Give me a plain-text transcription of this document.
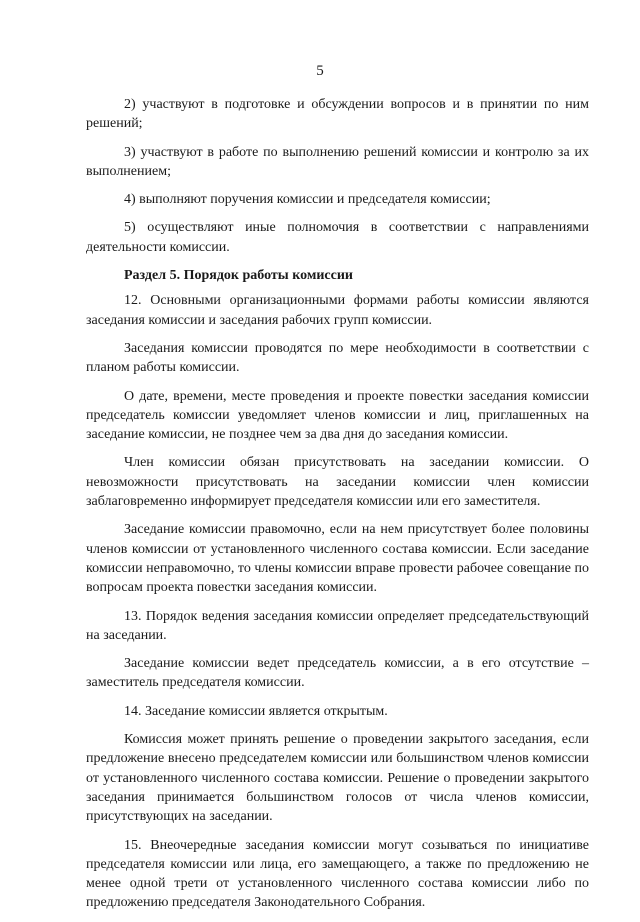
5

2) участвуют в подготовке и обсуждении вопросов и в принятии по ним решений;

3) участвуют в работе по выполнению решений комиссии и контролю за их выполнением;

4) выполняют поручения комиссии и председателя комиссии;

5) осуществляют иные полномочия в соответствии с направлениями деятельности комиссии.

Раздел 5. Порядок работы комиссии

12. Основными организационными формами работы комиссии являются заседания комиссии и заседания рабочих групп комиссии.

Заседания комиссии проводятся по мере необходимости в соответствии с планом работы комиссии.

О дате, времени, месте проведения и проекте повестки заседания комиссии председатель комиссии уведомляет членов комиссии и лиц, приглашенных на заседание комиссии, не позднее чем за два дня до заседания комиссии.

Член комиссии обязан присутствовать на заседании комиссии. О невозможности присутствовать на заседании комиссии член комиссии заблаговременно информирует председателя комиссии или его заместителя.

Заседание комиссии правомочно, если на нем присутствует более половины членов комиссии от установленного численного состава комиссии. Если заседание комиссии неправомочно, то члены комиссии вправе провести рабочее совещание по вопросам проекта повестки заседания комиссии.

13. Порядок ведения заседания комиссии определяет председательствующий на заседании.

Заседание комиссии ведет председатель комиссии, а в его отсутствие – заместитель председателя комиссии.

14. Заседание комиссии является открытым.

Комиссия может принять решение о проведении закрытого заседания, если предложение внесено председателем комиссии или большинством членов комиссии от установленного численного состава комиссии. Решение о проведении закрытого заседания принимается большинством голосов от числа членов комиссии, присутствующих на заседании.

15. Внеочередные заседания комиссии могут созываться по инициативе председателя комиссии или лица, его замещающего, а также по предложению не менее одной трети от установленного численного состава комиссии либо по предложению председателя Законодательного Собрания.
